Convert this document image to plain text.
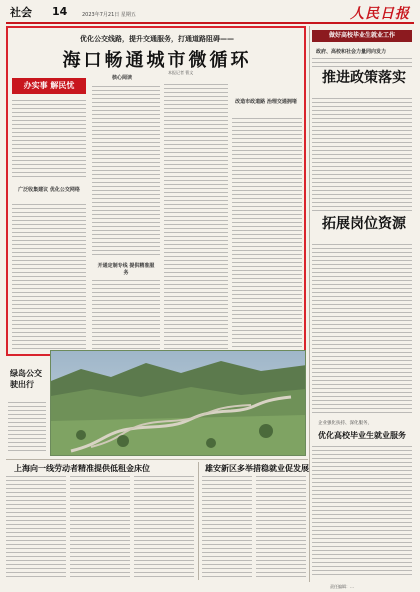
社会 14	2023年7月21日 星期五	人民日报
优化公交线路，提升交通服务，打通道路阻碍——
海口畅通城市微循环
本报记者 曹文
办实事 解民忧
广泛收集建议 优化公交网络
核心阅读
开通定制专线 提供精准服务
改造市政道路 治理交通拥堵
做好高校毕业生就业工作
政府、高校和社会力量同向发力
推进政策落实
拓展岗位资源
企业强化扶持、深化服务，
优化高校毕业生就业服务
绿岛公交驶出行
上海向一线劳动者精准提供低租金床位	雄安新区多举措稳就业促发展
责任编辑：…
